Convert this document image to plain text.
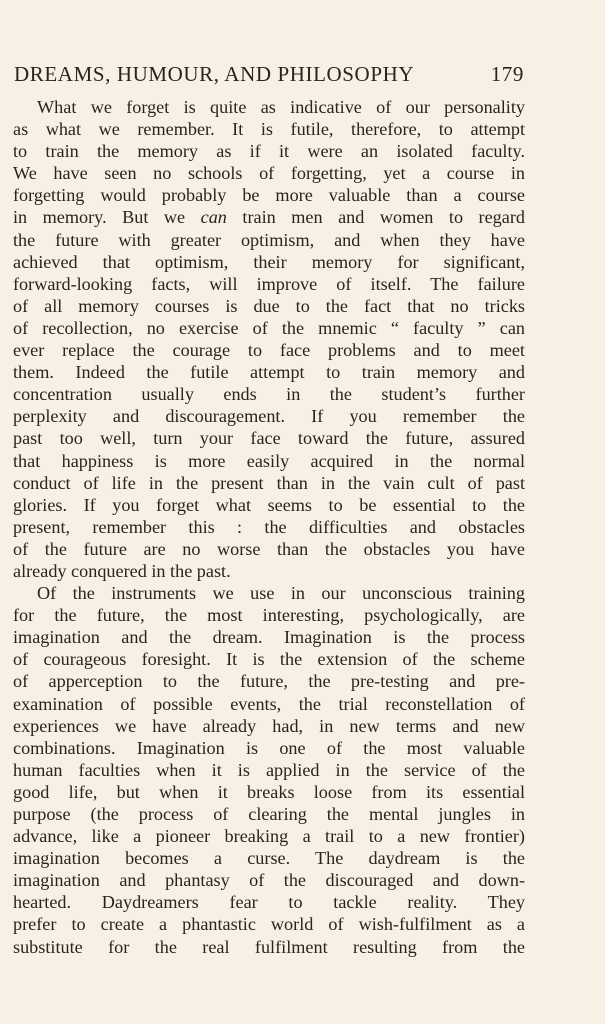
DREAMS, HUMOUR, AND PHILOSOPHY	179
What we forget is quite as indicative of our personality
as what we remember. It is futile, therefore, to attempt
to train the memory as if it were an isolated faculty.
We have seen no schools of forgetting, yet a course in
forgetting would probably be more valuable than a course
in memory. But we can train men and women to regard
the future with greater optimism, and when they have
achieved that optimism, their memory for significant,
forward-looking facts, will improve of itself. The failure
of all memory courses is due to the fact that no tricks
of recollection, no exercise of the mnemic “ faculty ” can
ever replace the courage to face problems and to meet
them. Indeed the futile attempt to train memory and
concentration usually ends in the student’s further
perplexity and discouragement. If you remember the
past too well, turn your face toward the future, assured
that happiness is more easily acquired in the normal
conduct of life in the present than in the vain cult of past
glories. If you forget what seems to be essential to the
present, remember this : the difficulties and obstacles
of the future are no worse than the obstacles you have
already conquered in the past.
Of the instruments we use in our unconscious training
for the future, the most interesting, psychologically, are
imagination and the dream. Imagination is the process
of courageous foresight. It is the extension of the scheme
of apperception to the future, the pre-testing and pre-
examination of possible events, the trial reconstellation of
experiences we have already had, in new terms and new
combinations. Imagination is one of the most valuable
human faculties when it is applied in the service of the
good life, but when it breaks loose from its essential
purpose (the process of clearing the mental jungles in
advance, like a pioneer breaking a trail to a new frontier)
imagination becomes a curse. The daydream is the
imagination and phantasy of the discouraged and down-
hearted. Daydreamers fear to tackle reality. They
prefer to create a phantastic world of wish-fulfilment as a
substitute for the real fulfilment resulting from the
